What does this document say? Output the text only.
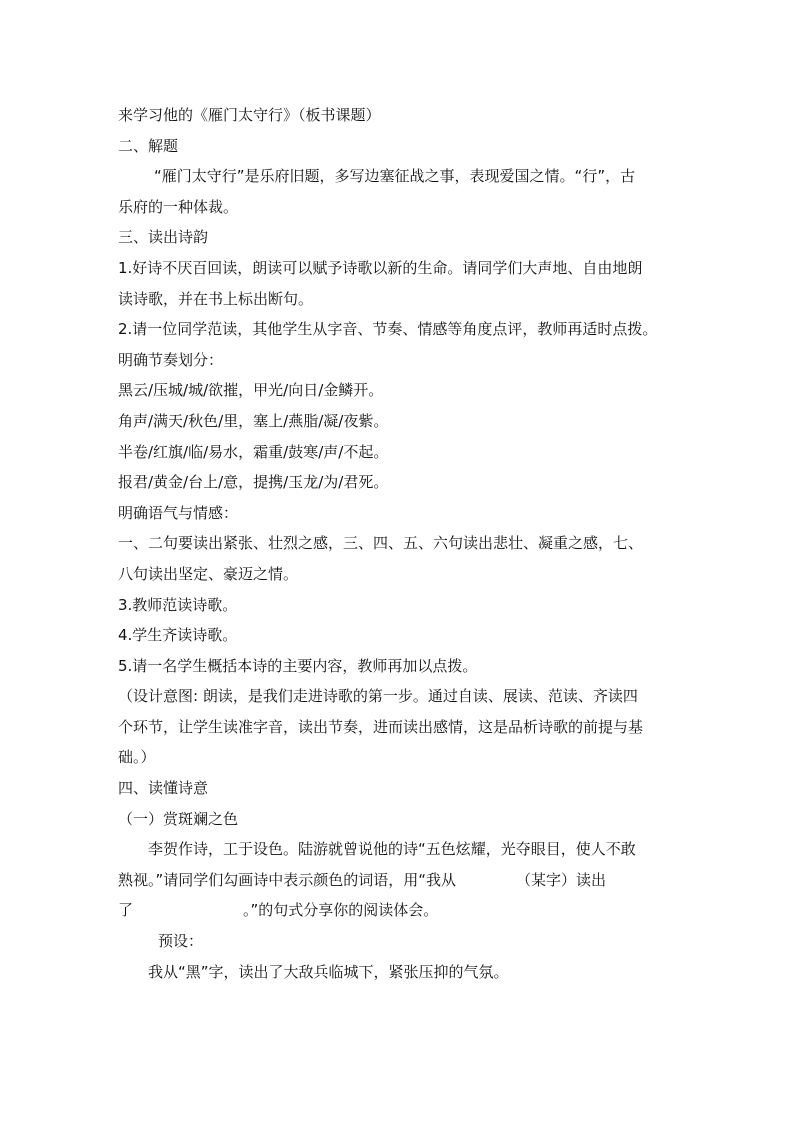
来学习他的《雁门太守行》（板书课题）
二、解题
“雁门太守行”是乐府旧题，多写边塞征战之事，表现爱国之情。“行”，古
乐府的一种体裁。
三、读出诗韵
1.好诗不厌百回读，朗读可以赋予诗歌以新的生命。请同学们大声地、自由地朗
读诗歌，并在书上标出断句。
2.请一位同学范读，其他学生从字音、节奏、情感等角度点评，教师再适时点拨。
明确节奏划分：
黑云/压城/城/欲摧，甲光/向日/金鳞开。
角声/满天/秋色/里，塞上/燕脂/凝/夜紫。
半卷/红旗/临/易水，霜重/鼓寒/声/不起。
报君/黄金/台上/意，提携/玉龙/为/君死。
明确语气与情感：
一、二句要读出紧张、壮烈之感，三、四、五、六句读出悲壮、凝重之感，七、
八句读出坚定、豪迈之情。
3.教师范读诗歌。
4.学生齐读诗歌。
5.请一名学生概括本诗的主要内容，教师再加以点拨。
（设计意图: 朗读，是我们走进诗歌的第一步。通过自读、展读、范读、齐读四
个环节，让学生读准字音，读出节奏，进而读出感情，这是品析诗歌的前提与基
础。）
四、读懂诗意
（一）赏斑斓之色
李贺作诗，工于设色。陆游就曾说他的诗“五色炫耀，光夺眼目，使人不敢
熟视。”请同学们勾画诗中表示颜色的词语，用“我从	（某字）读出
了	。”的句式分享你的阅读体会。
预设：
我从“黑”字，读出了大敌兵临城下，紧张压抑的气氛。
